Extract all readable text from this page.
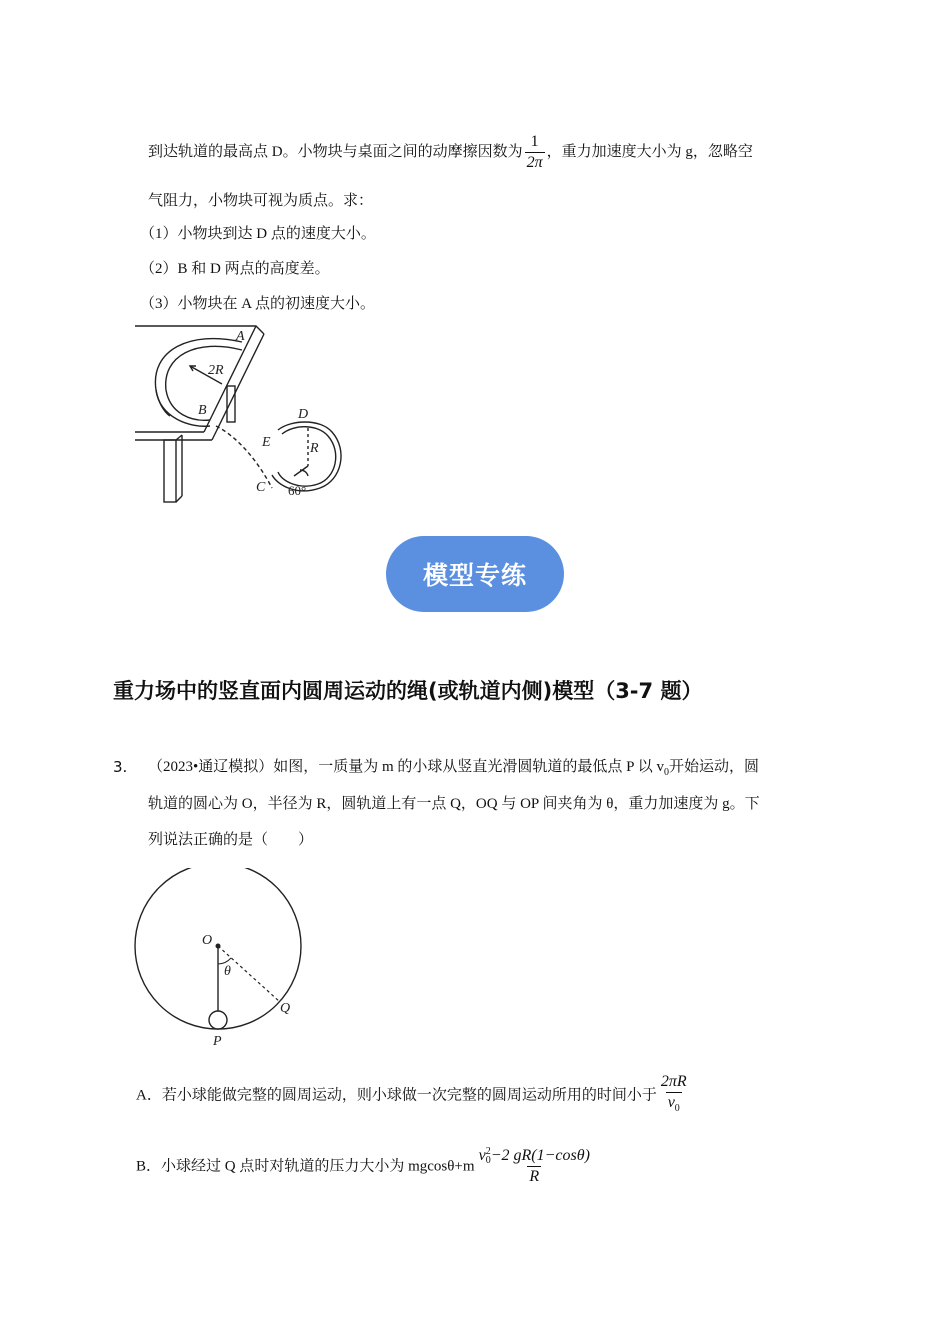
到达轨道的最高点 D。小物块与桌面之间的动摩擦因数为 $\frac{1}{2\pi}$ ，重力加速度大小为 g，忽略空
气阻力，小物块可视为质点。求：
（1）小物块到达 D 点的速度大小。
（2）B 和 D 两点的高度差。
（3）小物块在 A 点的初速度大小。
A
2R
B	D
E	R
C 60°
模型专练
重力场中的竖直面内圆周运动的绳(或轨道内侧)模型（3-7 题）
3. （2023•通辽模拟）如图，一质量为 m 的小球从竖直光滑圆轨道的最低点 P 以 $v_0$开始运动，圆
轨道的圆心为 O，半径为 R，圆轨道上有一点 Q，OQ 与 OP 间夹角为 θ，重力加速度为 g。下
列说法正确的是（　　）
O
θ
Q
P
A．若小球能做完整的圆周运动，则小球做一次完整的圆周运动所用的时间小于 $\frac{2\pi R}{v_0}$
B．小球经过 Q 点时对轨道的压力大小为 mgcosθ+m v 2
0 −2 gR(1−cosθ)
R
